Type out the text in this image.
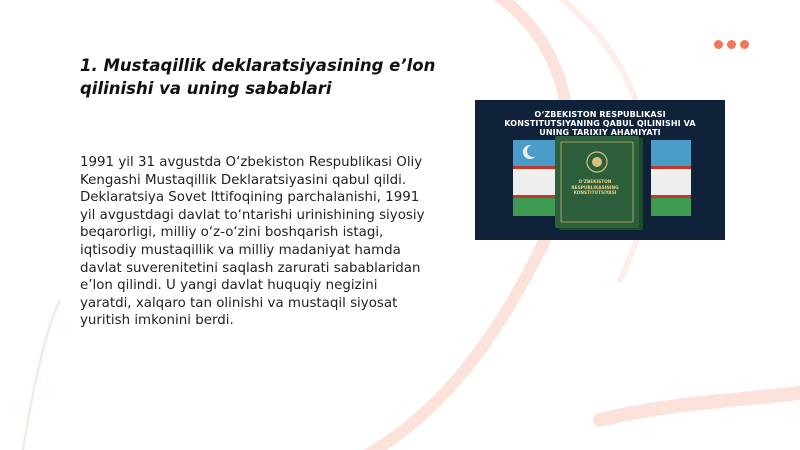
1. Mustaqillik deklaratsiyasining e’lon qilinishi va uning sabablari

1991 yil 31 avgustda O‘zbekiston Respublikasi Oliy Kengashi Mustaqillik Deklaratsiyasini qabul qildi. Deklaratsiya Sovet Ittifoqining parchalanishi, 1991 yil avgustdagi davlat to‘ntarishi urinishining siyosiy beqarorligi, milliy o‘z-o‘zini boshqarish istagi, iqtisodiy mustaqillik va milliy madaniyat hamda davlat suverenitetini saqlash zarurati sabablaridan e’lon qilindi. U yangi davlat huquqiy negizini yaratdi, xalqaro tan olinishi va mustaqil siyosat yuritish imkonini berdi.

O‘ZBEKISTON RESPUBLIKASI
KONSTITUTSIYANING QABUL QILINISHI VA
UNING TARIXIY AHAMIYATI
O‘ZBEKISTON
RESPUBLIKASINING
KONSTITUTSIYASI
